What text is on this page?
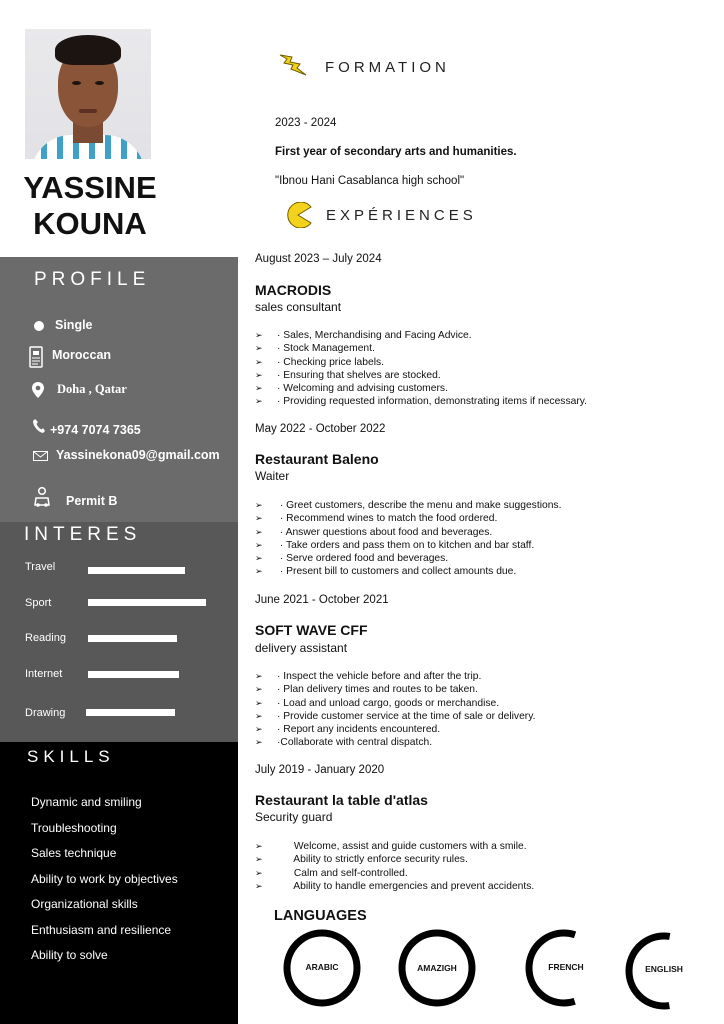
YASSINE
KOUNA
PROFILE
Single
Moroccan
Doha , Qatar
+974 7074 7365
Yassinekona09@gmail.com
Permit B
INTERES
Travel
Sport
Reading
Internet
Drawing
SKILLS
Dynamic and smiling
Troubleshooting
Sales technique
Ability to work by objectives
Organizational skills
Enthusiasm and resilience
Ability to solve
FORMATION
2023 - 2024
First year of secondary arts and humanities.
"Ibnou Hani Casablanca high school"
EXPÉRIENCES
August 2023 – July 2024
MACRODIS
sales consultant
➢ · Sales, Merchandising and Facing Advice.
➢ · Stock Management.
➢ · Checking price labels.
➢ · Ensuring that shelves are stocked.
➢ · Welcoming and advising customers.
➢ · Providing requested information, demonstrating items if necessary.
May 2022 - October 2022
Restaurant Baleno
Waiter
➢ · Greet customers, describe the menu and make suggestions.
➢ · Recommend wines to match the food ordered.
➢ · Answer questions about food and beverages.
➢ · Take orders and pass them on to kitchen and bar staff.
➢ · Serve ordered food and beverages.
➢ · Present bill to customers and collect amounts due.
June 2021 - October 2021
SOFT WAVE CFF
delivery assistant
➢ · Inspect the vehicle before and after the trip.
➢ · Plan delivery times and routes to be taken.
➢ · Load and unload cargo, goods or merchandise.
➢ · Provide customer service at the time of sale or delivery.
➢ · Report any incidents encountered.
➢ ·Collaborate with central dispatch.
July 2019 - January 2020
Restaurant la table d'atlas
Security guard
➢	Welcome, assist and guide customers with a smile.
➢	Ability to strictly enforce security rules.
➢	Calm and self-controlled.
➢	Ability to handle emergencies and prevent accidents.
LANGUAGES
ARABIC	AMAZIGH	FRENCH	ENGLISH
